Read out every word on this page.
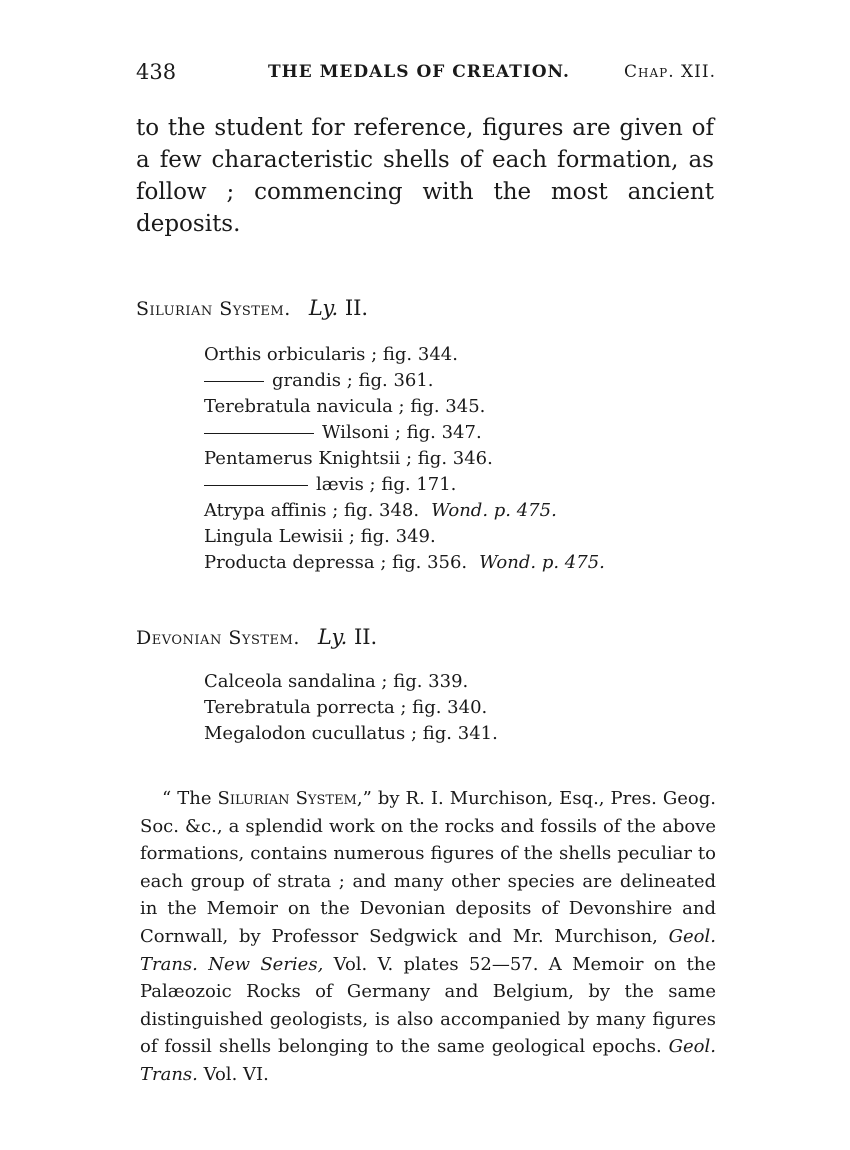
438	THE MEDALS OF CREATION.	Chap. XII.
to the student for reference, figures are given of a few characteristic shells of each formation, as follow ; commencing with the most ancient deposits.
Silurian System. Ly. II.
Orthis orbicularis ; fig. 344.
grandis ; fig. 361.
Terebratula navicula ; fig. 345.
Wilsoni ; fig. 347.
Pentamerus Knightsii ; fig. 346.
lævis ; fig. 171.
Atrypa affinis ; fig. 348. Wond. p. 475.
Lingula Lewisii ; fig. 349.
Producta depressa ; fig. 356. Wond. p. 475.
Devonian System. Ly. II.
Calceola sandalina ; fig. 339.
Terebratula porrecta ; fig. 340.
Megalodon cucullatus ; fig. 341.

“ The Silurian System,” by R. I. Murchison, Esq., Pres. Geog. Soc. &c., a splendid work on the rocks and fossils of the above formations, contains numerous figures of the shells peculiar to each group of strata ; and many other species are delineated in the Memoir on the Devonian deposits of Devonshire and Cornwall, by Professor Sedgwick and Mr. Murchison, Geol. Trans. New Series, Vol. V. plates 52—57. A Memoir on the Palæozoic Rocks of Germany and Belgium, by the same distinguished geologists, is also accompanied by many figures of fossil shells belonging to the same geological epochs. Geol. Trans. Vol. VI.
